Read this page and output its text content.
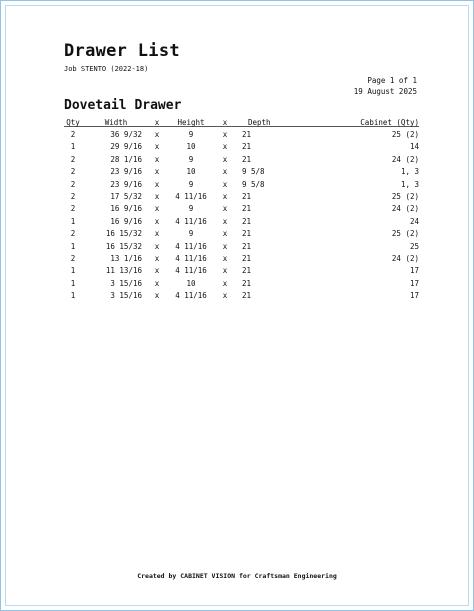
Drawer List
Job STENTO (2022-18)
Page 1 of 1
19 August 2025
Dovetail Drawer
Qty	Width	x	Height	x	Depth	Cabinet (Qty)
2	36 9/32	x	9	x	21	25 (2)
1	29 9/16	x	10	x	21	14
2	28 1/16	x	9	x	21	24 (2)
2	23 9/16	x	10	x	9 5/8	1, 3
2	23 9/16	x	9	x	9 5/8	1, 3
2	17 5/32	x	4 11/16	x	21	25 (2)
2	16 9/16	x	9	x	21	24 (2)
1	16 9/16	x	4 11/16	x	21	24
2	16 15/32	x	9	x	21	25 (2)
1	16 15/32	x	4 11/16	x	21	25
2	13 1/16	x	4 11/16	x	21	24 (2)
1	11 13/16	x	4 11/16	x	21	17
1	3 15/16	x	10	x	21	17
1	3 15/16	x	4 11/16	x	21	17
Created by CABINET VISION for Craftsman Engineering
